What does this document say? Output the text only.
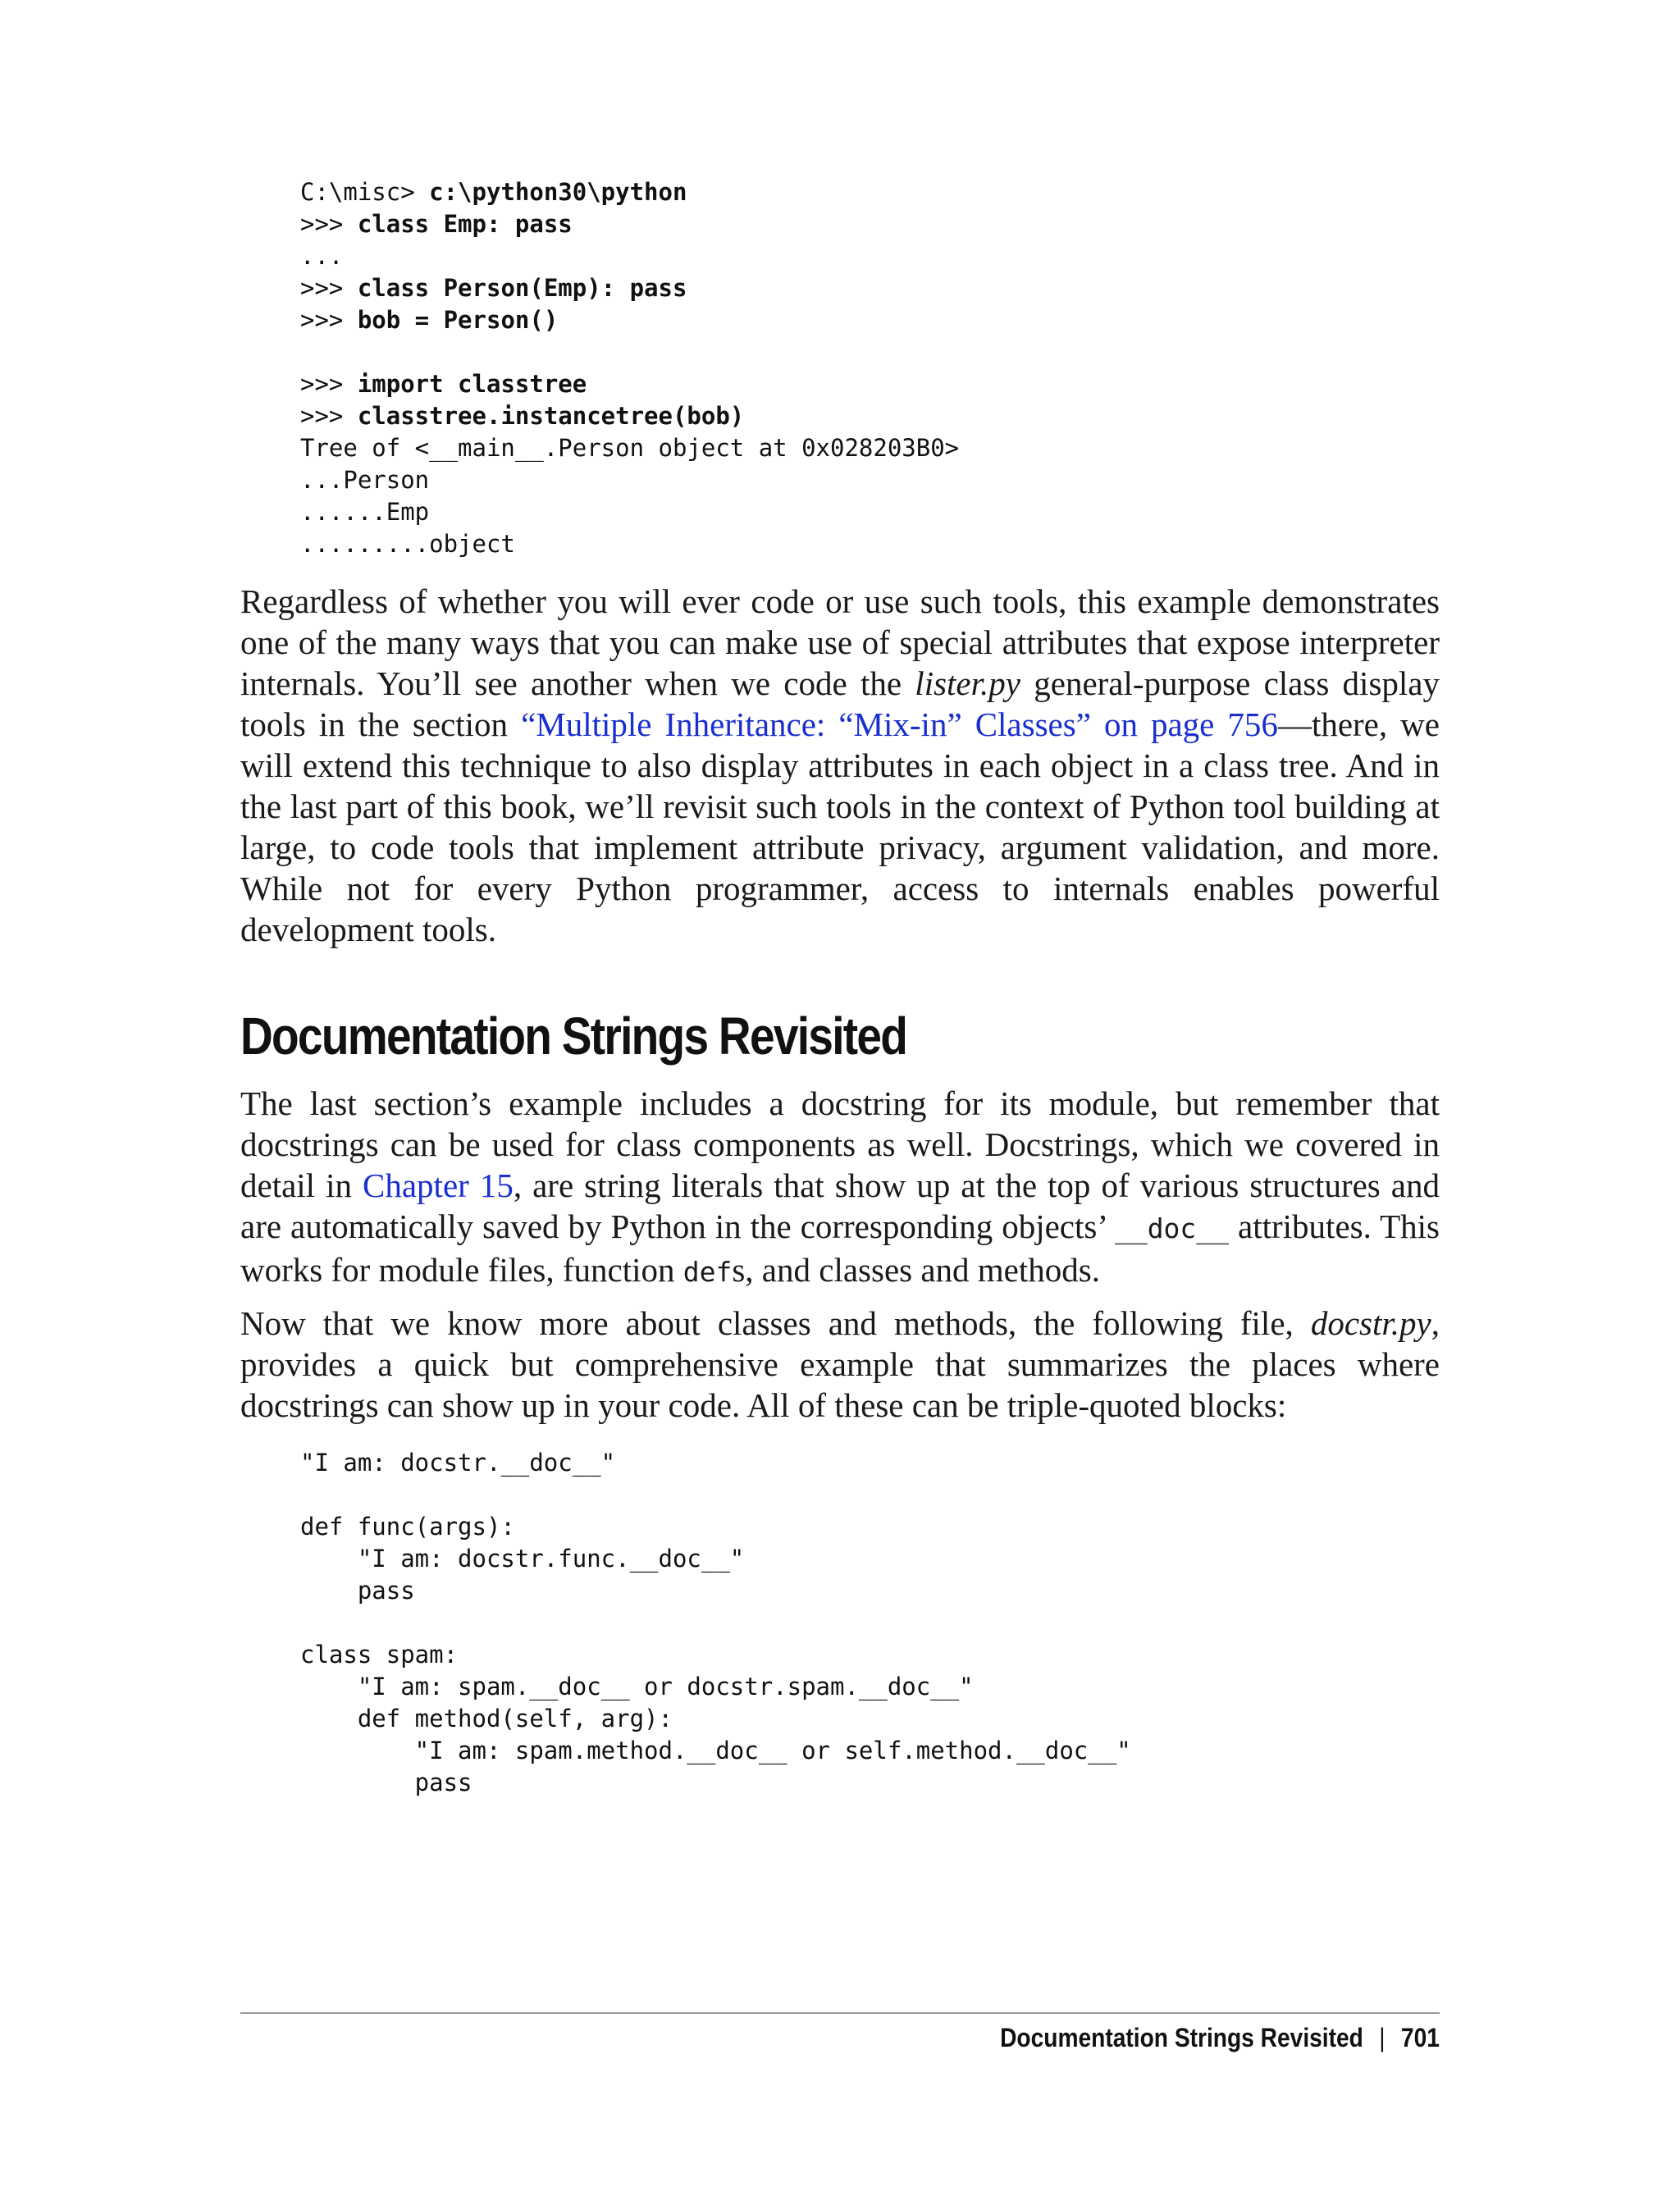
C:\misc> c:\python30\python
>>> class Emp: pass
...
>>> class Person(Emp): pass
>>> bob = Person()
>>> import classtree
>>> classtree.instancetree(bob)
Tree of <__main__.Person object at 0x028203B0>
...Person
......Emp
.........object

Regardless of whether you will ever code or use such tools, this example demonstrates one of the many ways that you can make use of special attributes that expose interpreter internals. You’ll see another when we code the lister.py general-purpose class display tools in the section “Multiple Inheritance: “Mix-in” Classes” on page 756—there, we will extend this technique to also display attributes in each object in a class tree. And in the last part of this book, we’ll revisit such tools in the context of Python tool building at large, to code tools that implement attribute privacy, argument validation, and more. While not for every Python programmer, access to internals enables powerful development tools.

Documentation Strings Revisited

The last section’s example includes a docstring for its module, but remember that docstrings can be used for class components as well. Docstrings, which we covered in detail in Chapter 15, are string literals that show up at the top of various structures and are automatically saved by Python in the corresponding objects’ __doc__ attributes. This works for module files, function defs, and classes and methods.

Now that we know more about classes and methods, the following file, docstr.py, provides a quick but comprehensive example that summarizes the places where docstrings can show up in your code. All of these can be triple-quoted blocks:

"I am: docstr.__doc__"
def func(args):
"I am: docstr.func.__doc__"
pass
class spam:
"I am: spam.__doc__ or docstr.spam.__doc__"
def method(self, arg):
"I am: spam.method.__doc__ or self.method.__doc__"
pass
Documentation Strings Revisited | 701
